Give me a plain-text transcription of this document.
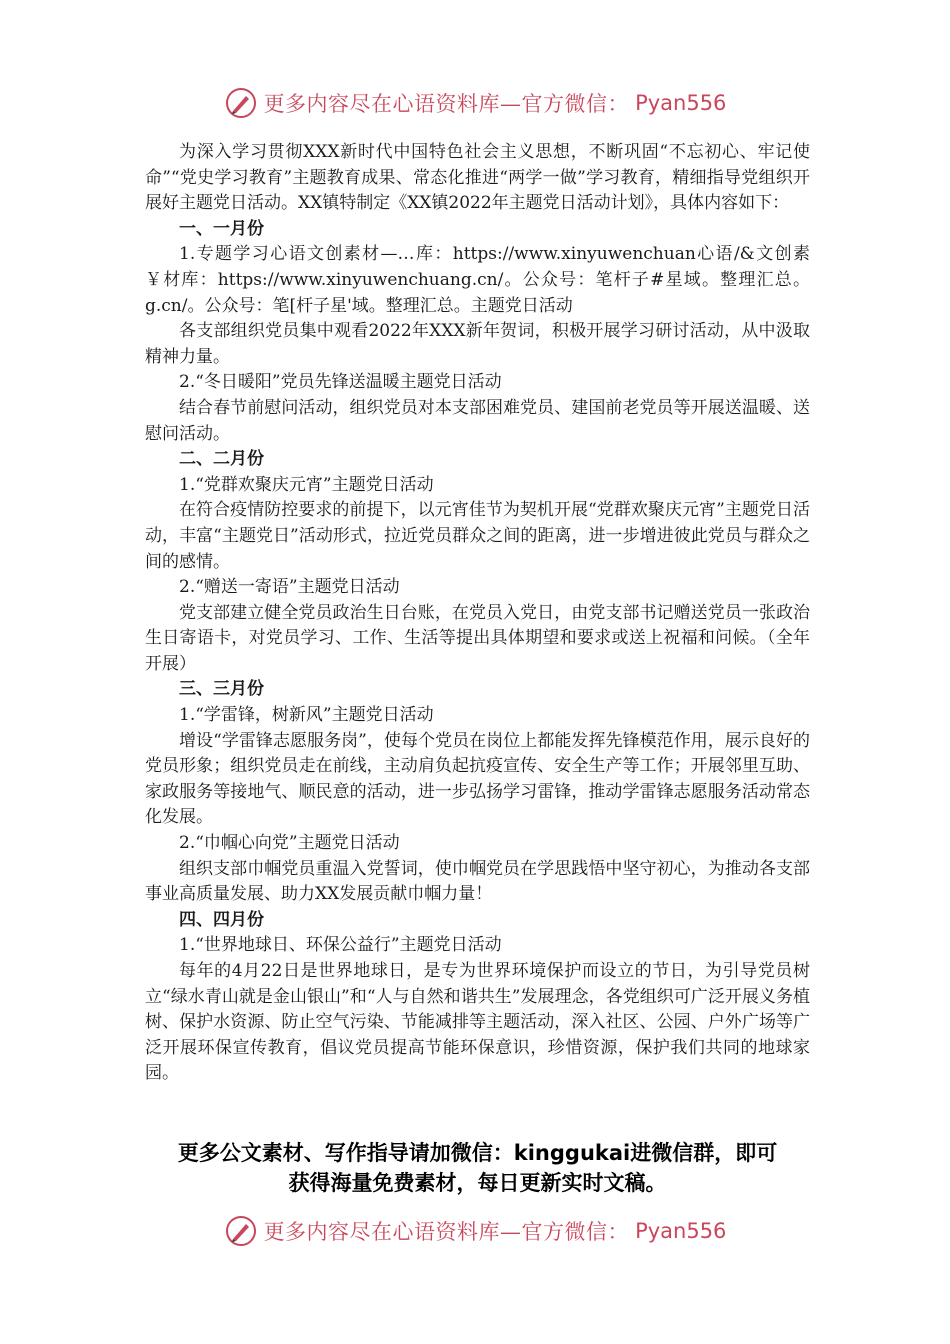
更多内容尽在心语资料库—官方微信： Pyan556

为深入学习贯彻XXX新时代中国特色社会主义思想，不断巩固“不忘初心、牢记使命”“党史学习教育”主题教育成果、常态化推进“两学一做”学习教育，精细指导党组织开展好主题党日活动。XX镇特制定《XX镇2022年主题党日活动计划》，具体内容如下：

一、一月份

1.专题学习心语文创素材—…库：https://www.xinyuwenchuan心语/&文创素￥材库：https://www.xinyuwenchuang.cn/。公众号：笔杆子#星域。整理汇总。g.cn/。公众号：笔[杆子星'域。整理汇总。主题党日活动

各支部组织党员集中观看2022年XXX新年贺词，积极开展学习研讨活动，从中汲取精神力量。

2.“冬日暖阳”党员先锋送温暖主题党日活动

结合春节前慰问活动，组织党员对本支部困难党员、建国前老党员等开展送温暖、送慰问活动。

二、二月份

1.“党群欢聚庆元宵”主题党日活动

在符合疫情防控要求的前提下，以元宵佳节为契机开展“党群欢聚庆元宵”主题党日活动，丰富“主题党日”活动形式，拉近党员群众之间的距离，进一步增进彼此党员与群众之间的感情。

2.“赠送一寄语”主题党日活动

党支部建立健全党员政治生日台账，在党员入党日，由党支部书记赠送党员一张政治生日寄语卡，对党员学习、工作、生活等提出具体期望和要求或送上祝福和问候。（全年开展）

三、三月份

1.“学雷锋，树新风”主题党日活动

增设“学雷锋志愿服务岗”，使每个党员在岗位上都能发挥先锋模范作用，展示良好的党员形象；组织党员走在前线，主动肩负起抗疫宣传、安全生产等工作；开展邻里互助、家政服务等接地气、顺民意的活动，进一步弘扬学习雷锋，推动学雷锋志愿服务活动常态化发展。

2.“巾帼心向党”主题党日活动

组织支部巾帼党员重温入党誓词，使巾帼党员在学思践悟中坚守初心，为推动各支部事业高质量发展、助力XX发展贡献巾帼力量！

四、四月份

1.“世界地球日、环保公益行”主题党日活动

每年的4月22日是世界地球日，是专为世界环境保护而设立的节日，为引导党员树立“绿水青山就是金山银山”和“人与自然和谐共生”发展理念，各党组织可广泛开展义务植树、保护水资源、防止空气污染、节能减排等主题活动，深入社区、公园、户外广场等广泛开展环保宣传教育，倡议党员提高节能环保意识，珍惜资源，保护我们共同的地球家园。

更多公文素材、写作指导请加微信：kinggukai进微信群，即可
获得海量免费素材，每日更新实时文稿。
更多内容尽在心语资料库—官方微信： Pyan556
